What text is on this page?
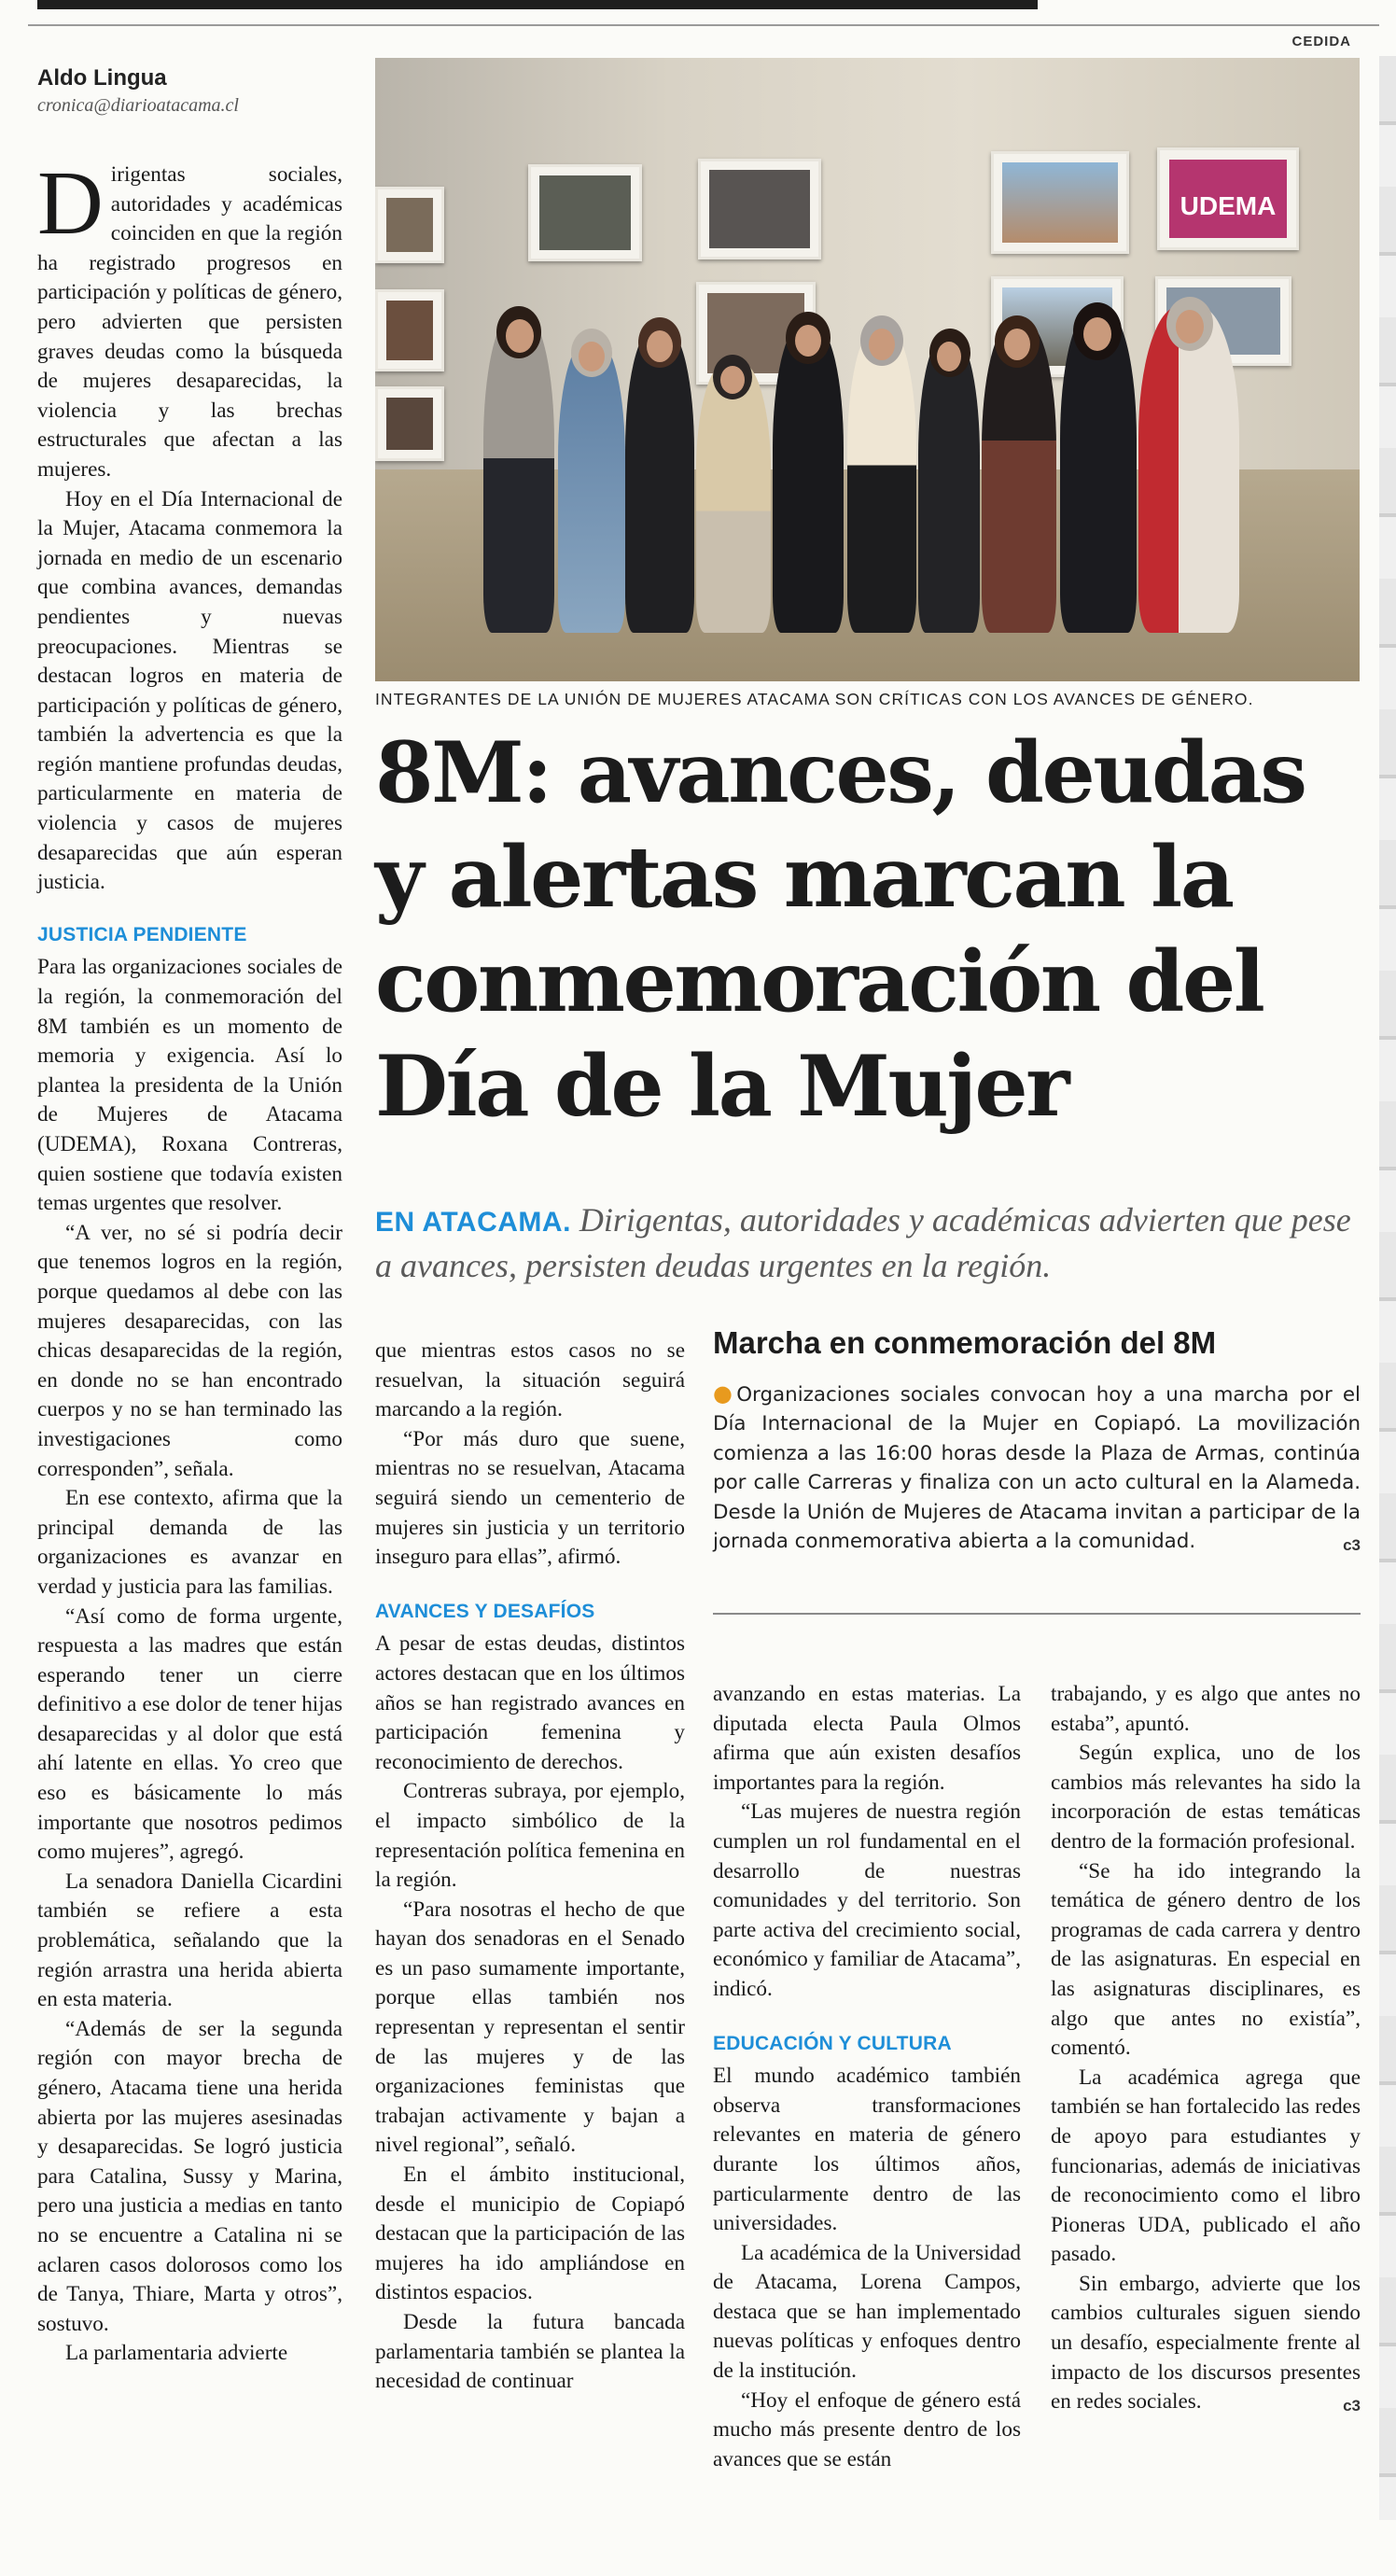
CEDIDA
Aldo Lingua
cronica@diarioatacama.cl
UDEMA
INTEGRANTES DE LA UNIÓN DE MUJERES ATACAMA SON CRÍTICAS CON LOS AVANCES DE GÉNERO.
8M: avances, deudas y alertas marcan la conmemoración del Día de la Mujer
EN ATACAMA. Dirigentas, autoridades y académicas advierten que pese a avances, persisten deudas urgentes en la región.

Dirigentas sociales, autoridades y académicas coinciden en que la región ha registrado progresos en participación y políticas de género, pero advierten que persisten graves deudas como la búsqueda de mujeres desaparecidas, la violencia y las brechas estructurales que afectan a las mujeres.

Hoy en el Día Internacional de la Mujer, Atacama conmemora la jornada en medio de un escenario que combina avances, demandas pendientes y nuevas preocupaciones. Mientras se destacan logros en materia de participación y políticas de género, también la advertencia es que la región mantiene profundas deudas, particularmente en materia de violencia y casos de mujeres desaparecidas que aún esperan justicia.

JUSTICIA PENDIENTE

Para las organizaciones sociales de la región, la conmemoración del 8M también es un momento de memoria y exigencia. Así lo plantea la presidenta de la Unión de Mujeres de Atacama (UDEMA), Roxana Contreras, quien sostiene que todavía existen temas urgentes que resolver.

“A ver, no sé si podría decir que tenemos logros en la región, porque quedamos al debe con las mujeres desaparecidas, con las chicas desaparecidas de la región, en donde no se han encontrado cuerpos y no se han terminado las investigaciones como corresponden”, señala.

En ese contexto, afirma que la principal demanda de las organizaciones es avanzar en verdad y justicia para las familias.

“Así como de forma urgente, respuesta a las madres que están esperando tener un cierre definitivo a ese dolor de tener hijas desaparecidas y al dolor que está ahí latente en ellas. Yo creo que eso es básicamente lo más importante que nosotros pedimos como mujeres”, agregó.

La senadora Daniella Cicardini también se refiere a esta problemática, señalando que la región arrastra una herida abierta en esta materia.

“Además de ser la segunda región con mayor brecha de género, Atacama tiene una herida abierta por las mujeres asesinadas y desaparecidas. Se logró justicia para Catalina, Sussy y Marina, pero una justicia a medias en tanto no se encuentre a Catalina ni se aclaren casos dolorosos como los de Tanya, Thiare, Marta y otros”, sostuvo.

La parlamentaria advierte

que mientras estos casos no se resuelvan, la situación seguirá marcando a la región.

“Por más duro que suene, mientras no se resuelvan, Atacama seguirá siendo un cementerio de mujeres sin justicia y un territorio inseguro para ellas”, afirmó.

AVANCES Y DESAFÍOS

A pesar de estas deudas, distintos actores destacan que en los últimos años se han registrado avances en participación femenina y reconocimiento de derechos.

Contreras subraya, por ejemplo, el impacto simbólico de la representación política femenina en la región.

“Para nosotras el hecho de que hayan dos senadoras en el Senado es un paso sumamente importante, porque ellas también nos representan y representan el sentir de las mujeres y de las organizaciones feministas que trabajan activamente y bajan a nivel regional”, señaló.

En el ámbito institucional, desde el municipio de Copiapó destacan que la participación de las mujeres ha ido ampliándose en distintos espacios.

Desde la futura bancada parlamentaria también se plantea la necesidad de continuar

Marcha en conmemoración del 8M
●Organizaciones sociales convocan hoy a una marcha por el Día Internacional de la Mujer en Copiapó. La movilización comienza a las 16:00 horas desde la Plaza de Armas, continúa por calle Carreras y finaliza con un acto cultural en la Alameda. Desde la Unión de Mujeres de Atacama invitan a participar de la jornada conmemorativa abierta a la comunidad.	c3

avanzando en estas materias. La diputada electa Paula Olmos afirma que aún existen desafíos importantes para la región.

“Las mujeres de nuestra región cumplen un rol fundamental en el desarrollo de nuestras comunidades y del territorio. Son parte activa del crecimiento social, económico y familiar de Atacama”, indicó.

EDUCACIÓN Y CULTURA

El mundo académico también observa transformaciones relevantes en materia de género durante los últimos años, particularmente dentro de las universidades.

La académica de la Universidad de Atacama, Lorena Campos, destaca que se han implementado nuevas políticas y enfoques dentro de la institución.

“Hoy el enfoque de género está mucho más presente dentro de los avances que se están

trabajando, y es algo que antes no estaba”, apuntó.

Según explica, uno de los cambios más relevantes ha sido la incorporación de estas temáticas dentro de la formación profesional.

“Se ha ido integrando la temática de género dentro de los programas de cada carrera y dentro de las asignaturas. En especial en las asignaturas disciplinares, es algo que antes no existía”, comentó.

La académica agrega que también se han fortalecido las redes de apoyo para estudiantes y funcionarias, además de iniciativas de reconocimiento como el libro Pioneras UDA, publicado el año pasado.

Sin embargo, advierte que los cambios culturales siguen siendo un desafío, especialmente frente al impacto de los discursos presentes en redes sociales.	c3
